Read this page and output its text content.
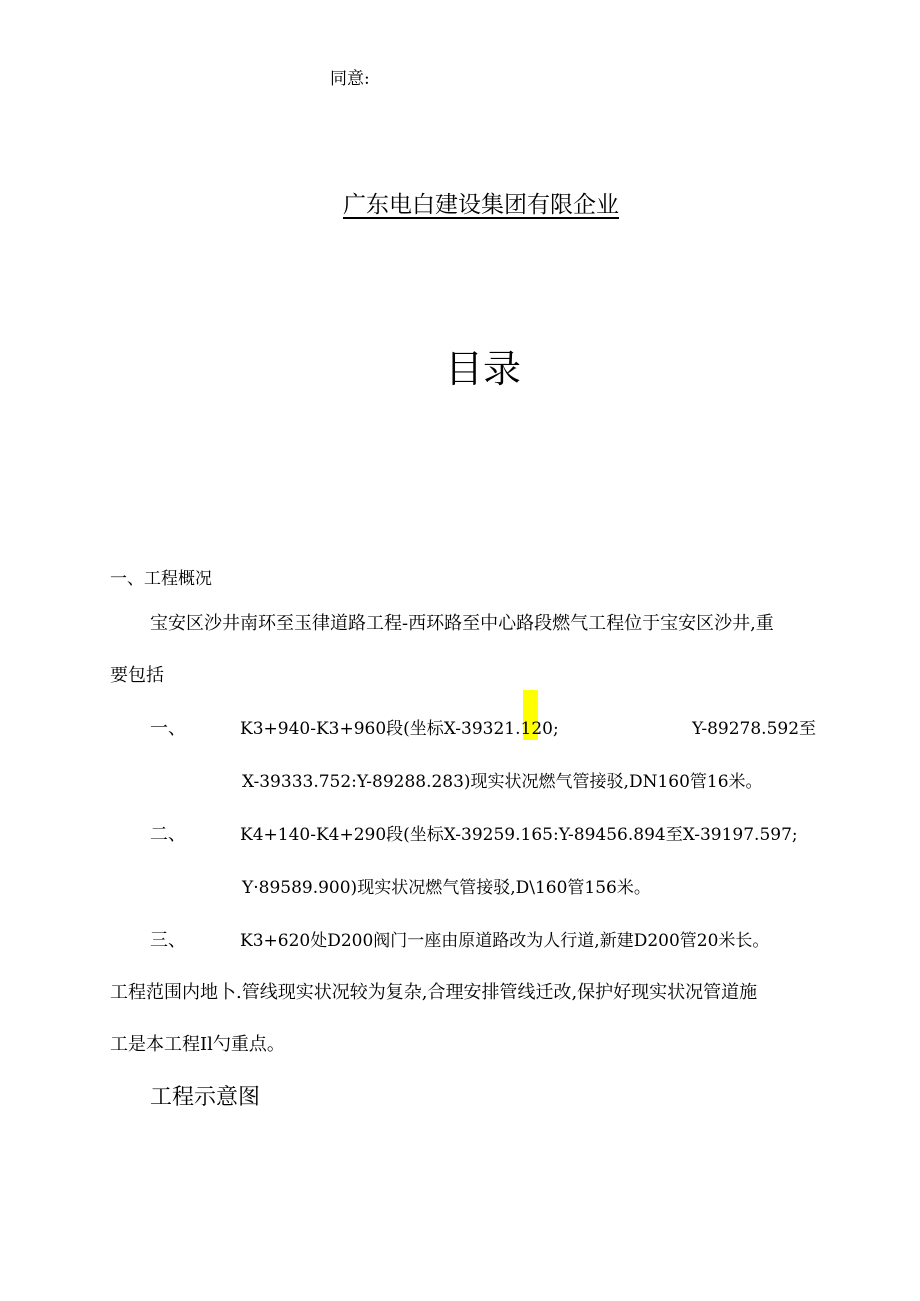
同意:
广东电白建设集团有限企业
目录
一、工程概况
宝安区沙井南环至玉律道路工程-西环路至中心路段燃气工程位于宝安区沙井,重
要包括
一、	K3+940-K3+960段(坐标X-39321.120;	Y-89278.592至
X-39333.752:Y-89288.283)现实状况燃气管接驳,DN160管16米。
二、	K4+140-K4+290段(坐标X-39259.165:Y-89456.894至X-39197.597;
Y·89589.900)现实状况燃气管接驳,D\160管156米。
三、	K3+620处D200阀门一座由原道路改为人行道,新建D200管20米长。
工程范围内地卜.管线现实状况较为复杂,合理安排管线迁改,保护好现实状况管道施
工是本工程Il勺重点。
工程示意图
